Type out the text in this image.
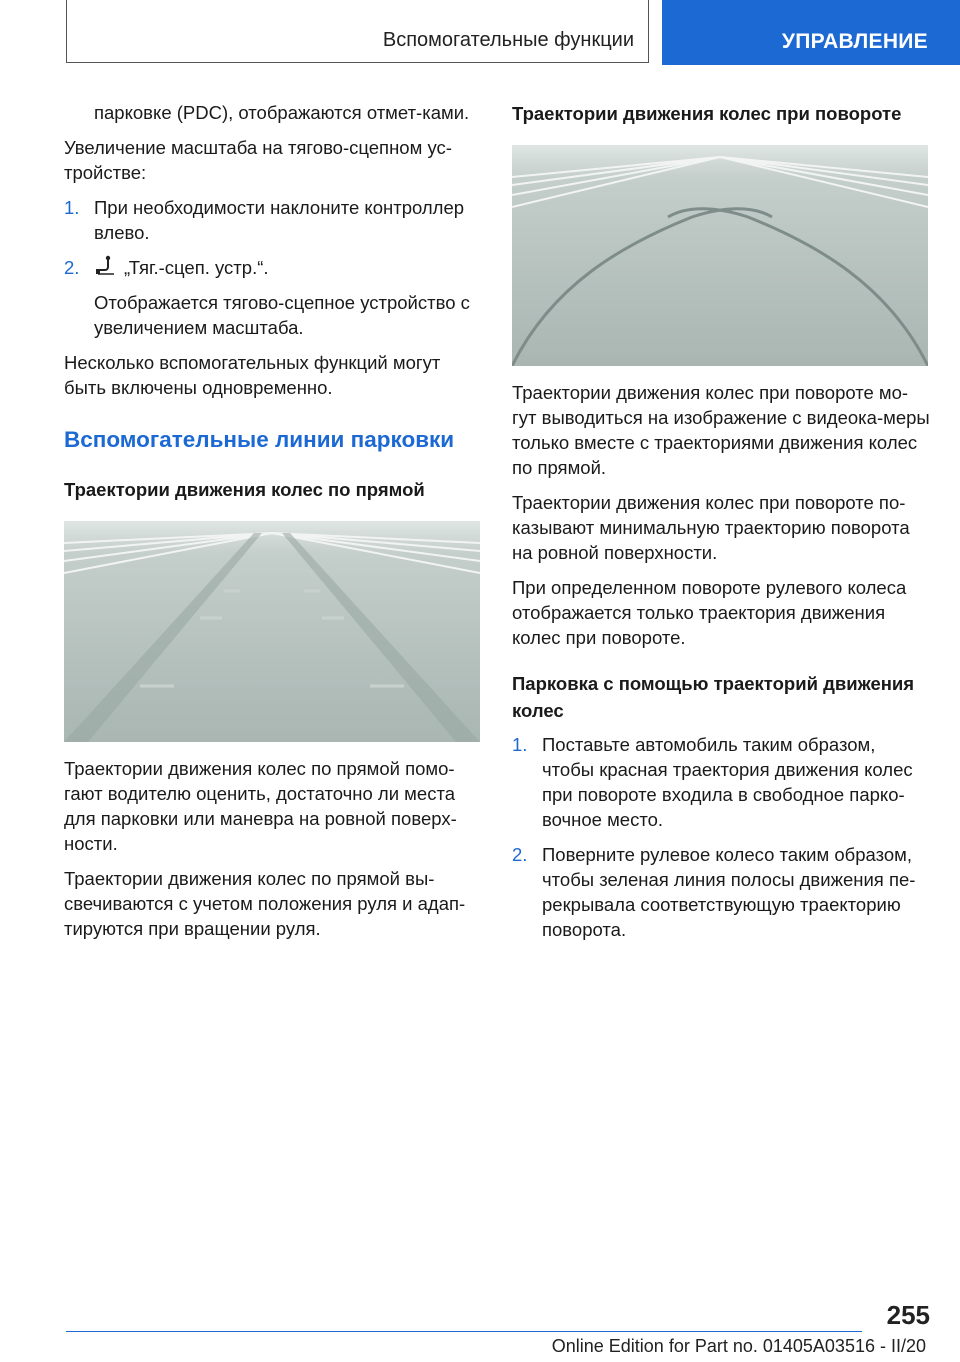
Вспомогательные функции	УПРАВЛЕНИЕ

парковке (PDC), отображаются отмет-ками.

Увеличение масштаба на тягово-сцепном ус-тройстве:

1. При необходимости наклоните контроллер влево.
2.	„Тяг.-сцеп. устр.“.

Отображается тягово-сцепное устройство с увеличением масштаба.

Несколько вспомогательных функций могут быть включены одновременно.

Вспомогательные линии парковки
Траектории движения колес по прямой

Траектории движения колес по прямой помо-гают водителю оценить, достаточно ли места для парковки или маневра на ровной поверх-ности.

Траектории движения колес по прямой вы-свечиваются с учетом положения руля и адап-тируются при вращении руля.

Траектории движения колес при повороте

Траектории движения колес при повороте мо-гут выводиться на изображение с видеока-меры только вместе с траекториями движения колес по прямой.

Траектории движения колес при повороте по-казывают минимальную траекторию поворота на ровной поверхности.

При определенном повороте рулевого колеса отображается только траектория движения колес при повороте.

Парковка с помощью траекторий движения колес
1. Поставьте автомобиль таким образом, чтобы красная траектория движения колес при повороте входила в свободное парко-вочное место.
2. Поверните рулевое колесо таким образом, чтобы зеленая линия полосы движения пе-рекрывала соответствующую траекторию поворота.
255
Online Edition for Part no. 01405A03516 - II/20
